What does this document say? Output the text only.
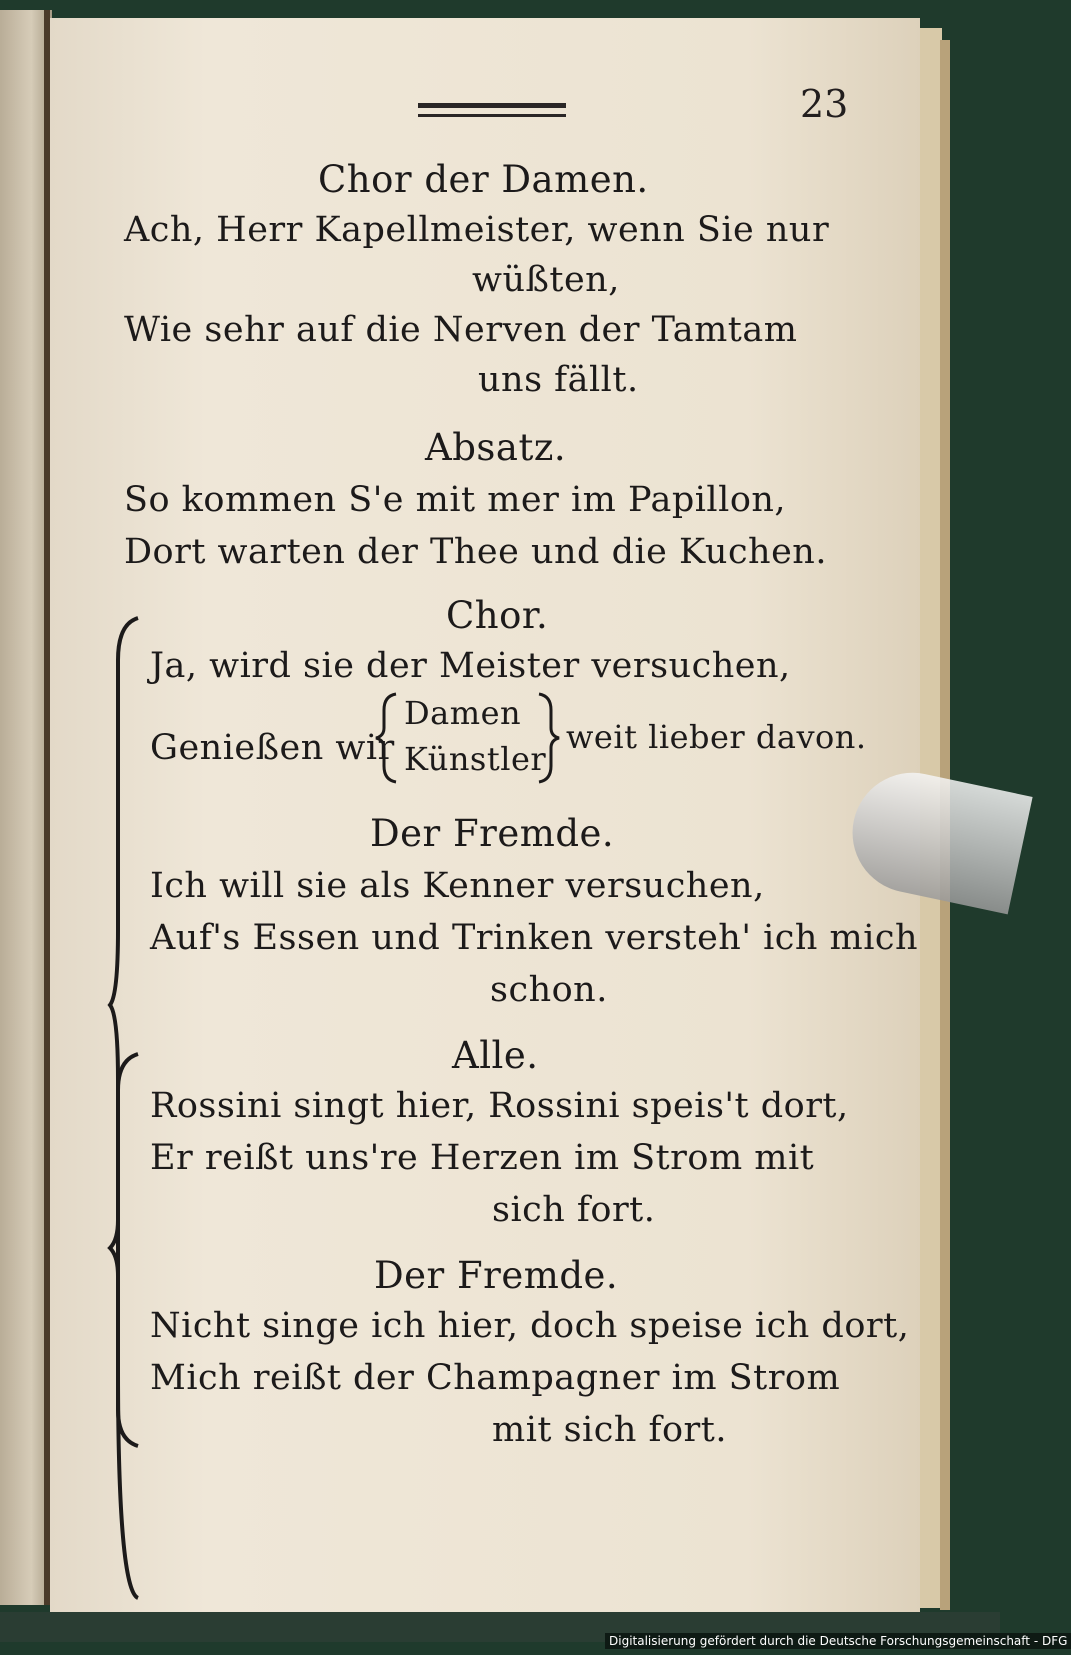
23
Chor der Damen.
Ach, Herr Kapellmeister, wenn Sie nur
wüßten,
Wie sehr auf die Nerven der Tamtam
uns fällt.
Absatz.
So kommen S'e mit mer im Papillon,
Dort warten der Thee und die Kuchen.
Chor.
Ja, wird sie der Meister versuchen,
Genießen wir
Damen
Künstler
weit lieber davon.
Der Fremde.
Ich will sie als Kenner versuchen,
Auf's Essen und Trinken versteh' ich mich
schon.
Alle.
Rossini singt hier, Rossini speis't dort,
Er reißt uns're Herzen im Strom mit
sich fort.
Der Fremde.
Nicht singe ich hier, doch speise ich dort,
Mich reißt der Champagner im Strom
mit sich fort.
Digitalisierung gefördert durch die Deutsche Forschungsgemeinschaft - DFG
